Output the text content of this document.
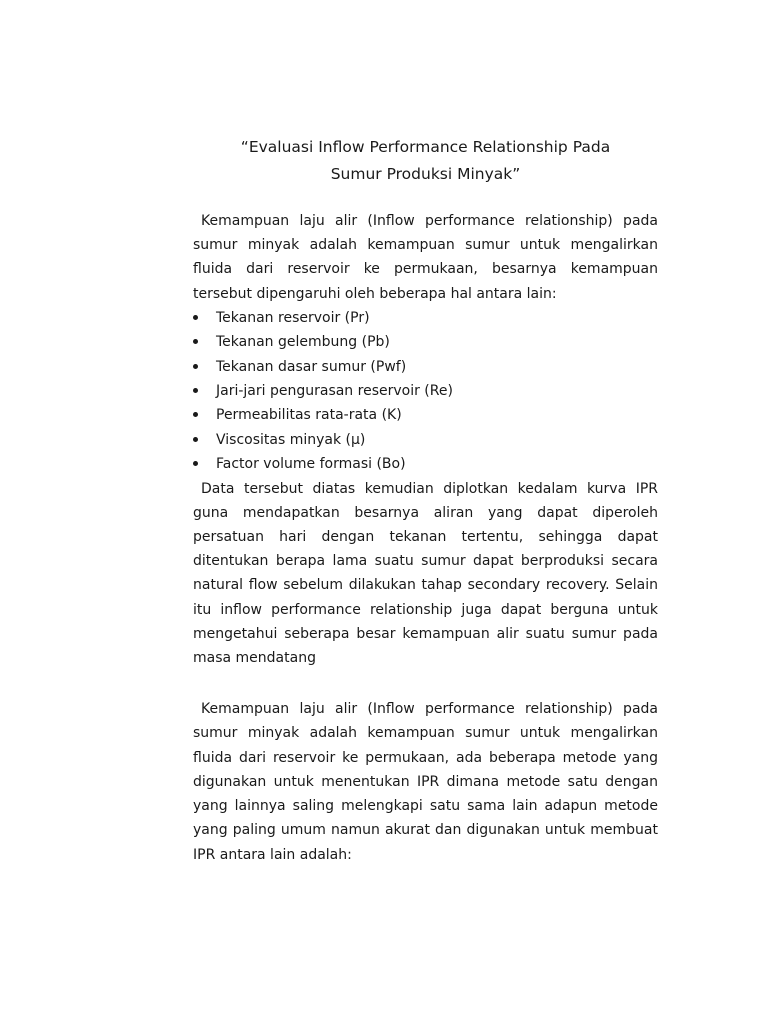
“Evaluasi Inflow Performance Relationship Pada
Sumur Produksi Minyak”

Kemampuan laju alir (Inflow performance relationship) pada sumur minyak adalah kemampuan sumur untuk mengalirkan fluida dari reservoir ke permukaan, besarnya kemampuan tersebut dipengaruhi oleh beberapa hal antara lain:

Tekanan reservoir (Pr)
Tekanan gelembung (Pb)
Tekanan dasar sumur (Pwf)
Jari-jari pengurasan reservoir (Re)
Permeabilitas rata-rata (K)
Viscositas minyak (μ)
Factor volume formasi (Bo)

Data tersebut diatas kemudian diplotkan kedalam kurva IPR guna mendapatkan besarnya aliran yang dapat diperoleh persatuan hari dengan tekanan tertentu, sehingga dapat ditentukan berapa lama suatu sumur dapat berproduksi secara natural flow sebelum dilakukan tahap secondary recovery. Selain itu inflow performance relationship juga dapat berguna untuk mengetahui seberapa besar kemampuan alir suatu sumur pada masa mendatang

Kemampuan laju alir (Inflow performance relationship) pada sumur minyak adalah kemampuan sumur untuk mengalirkan fluida dari reservoir ke permukaan, ada beberapa metode yang digunakan untuk menentukan IPR dimana metode satu dengan yang lainnya saling melengkapi satu sama lain adapun metode yang paling umum namun akurat dan digunakan untuk membuat IPR antara lain adalah:
